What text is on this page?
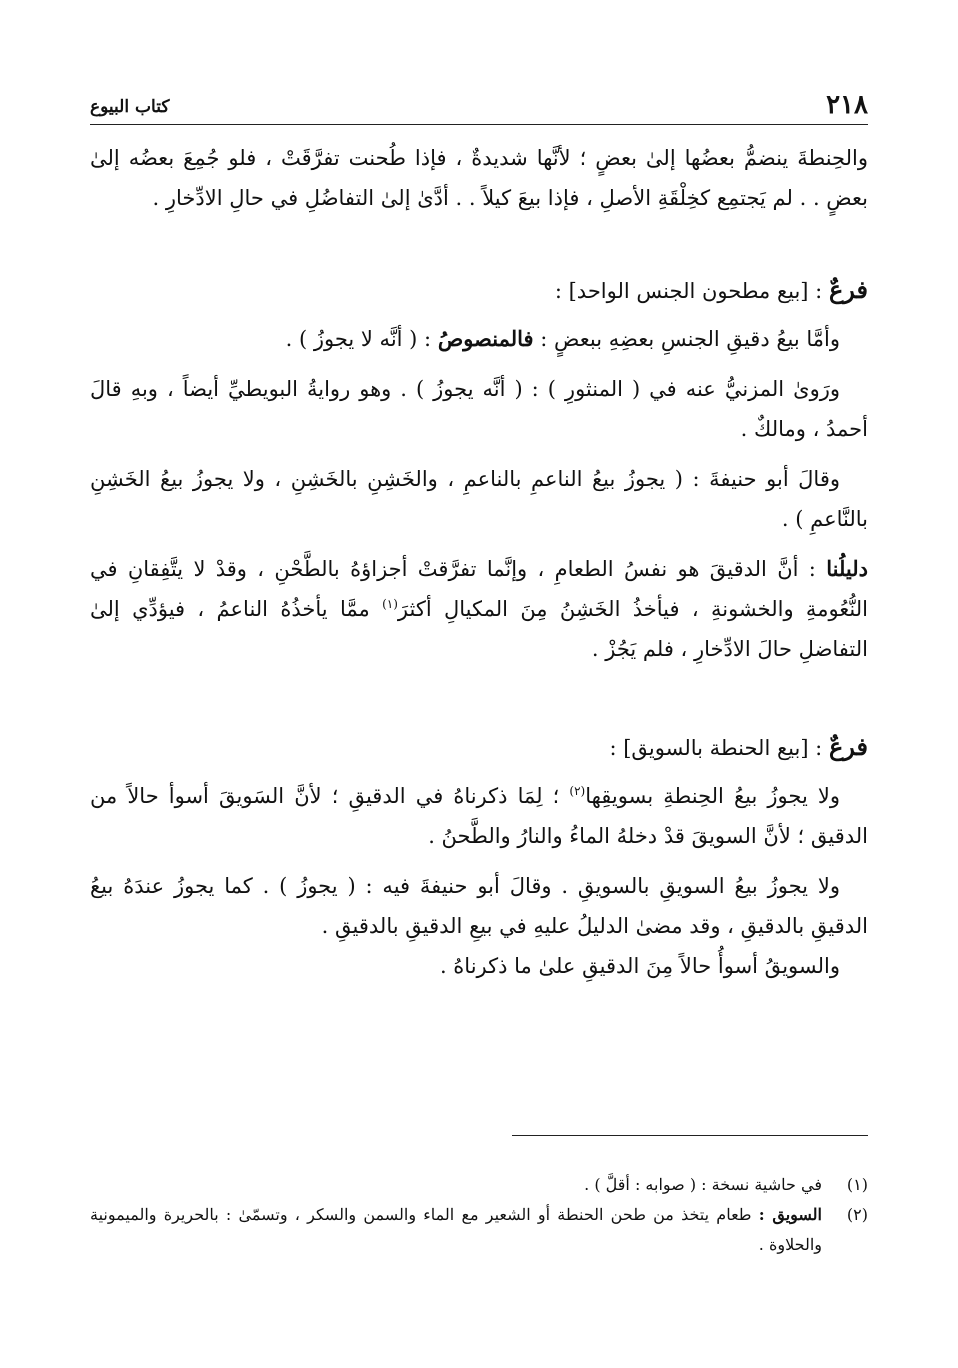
٢١٨
كتاب البيوع

والحِنطةَ ينضمُّ بعضُها إلىٰ بعضٍ ؛ لأنَّها شديدةٌ ، فإذا طُحنت تفرَّقَتْ ، فلو جُمِعَ بعضُه إلىٰ بعضٍ . . لم يَجتمِع كخِلْقَةِ الأصلِ ، فإذا بيعَ كيلاً . . أدَّىٰ إلىٰ التفاضُلِ في حالِ الادِّخارِ .

فرعٌ : [بيع مطحون الجنس الواحد] :

وأمَّا بيعُ دقيقِ الجنسِ بعضِهِ ببعضٍ : فالمنصوصُ : ( أنَّه لا يجوزُ ) .

ورَوىٰ المزنيُّ عنه في ( المنثورِ ) : ( أنَّه يجوزُ ) . وهو روايةُ البويطيِّ أيضاً ، وبهِ قالَ أحمدُ ، ومالكٌ .

وقالَ أبو حنيفةَ : ( يجوزُ بيعُ الناعمِ بالناعمِ ، والخَشِنِ بالخَشِنِ ، ولا يجوزُ بيعُ الخَشِنِ بالنَّاعمِ ) .

دليلُنا : أنَّ الدقيقَ هو نفسُ الطعامِ ، وإنَّما تفرَّقتْ أجزاؤهُ بالطَّحْنِ ، وقدْ لا يتَّفِقانِ في النُّعُومةِ والخشونةِ ، فيأخذُ الخَشِنُ مِنَ المكيالِ أكثرَ$^{(١)}$ ممَّا يأخذُهُ الناعمُ ، فيؤدِّي إلىٰ التفاضلِ حالَ الادِّخارِ ، فلم يَجُزْ .

فرعٌ : [بيع الحنطة بالسويق] :

ولا يجوزُ بيعُ الحِنطةِ بسويقِها$^{(٢)}$ ؛ لِمَا ذكرناهُ في الدقيقِ ؛ لأنَّ السَويقَ أسوأ حالاً من الدقيق ؛ لأنَّ السويقَ قدْ دخلهُ الماءُ والنارُ والطَّحنُ .

ولا يجوزُ بيعُ السويقِ بالسويقِ . وقالَ أبو حنيفةَ فيه : ( يجوزُ ) . كما يجوزُ عندَهُ بيعُ الدقيقِ بالدقيقِ ، وقد مضىٰ الدليلُ عليهِ في بيعِ الدقيقِ بالدقيقِ .

والسويقُ أسوأُ حالاً مِنَ الدقيقِ علىٰ ما ذكرناهُ .

(١)
في حاشية نسخة : ( صوابه : أقلَّ ) .

(٢)
السويق : طعام يتخذ من طحن الحنطة أو الشعير مع الماء والسمن والسكر ، وتسمّىٰ : بالحريرة والميمونية والحلاوة .
